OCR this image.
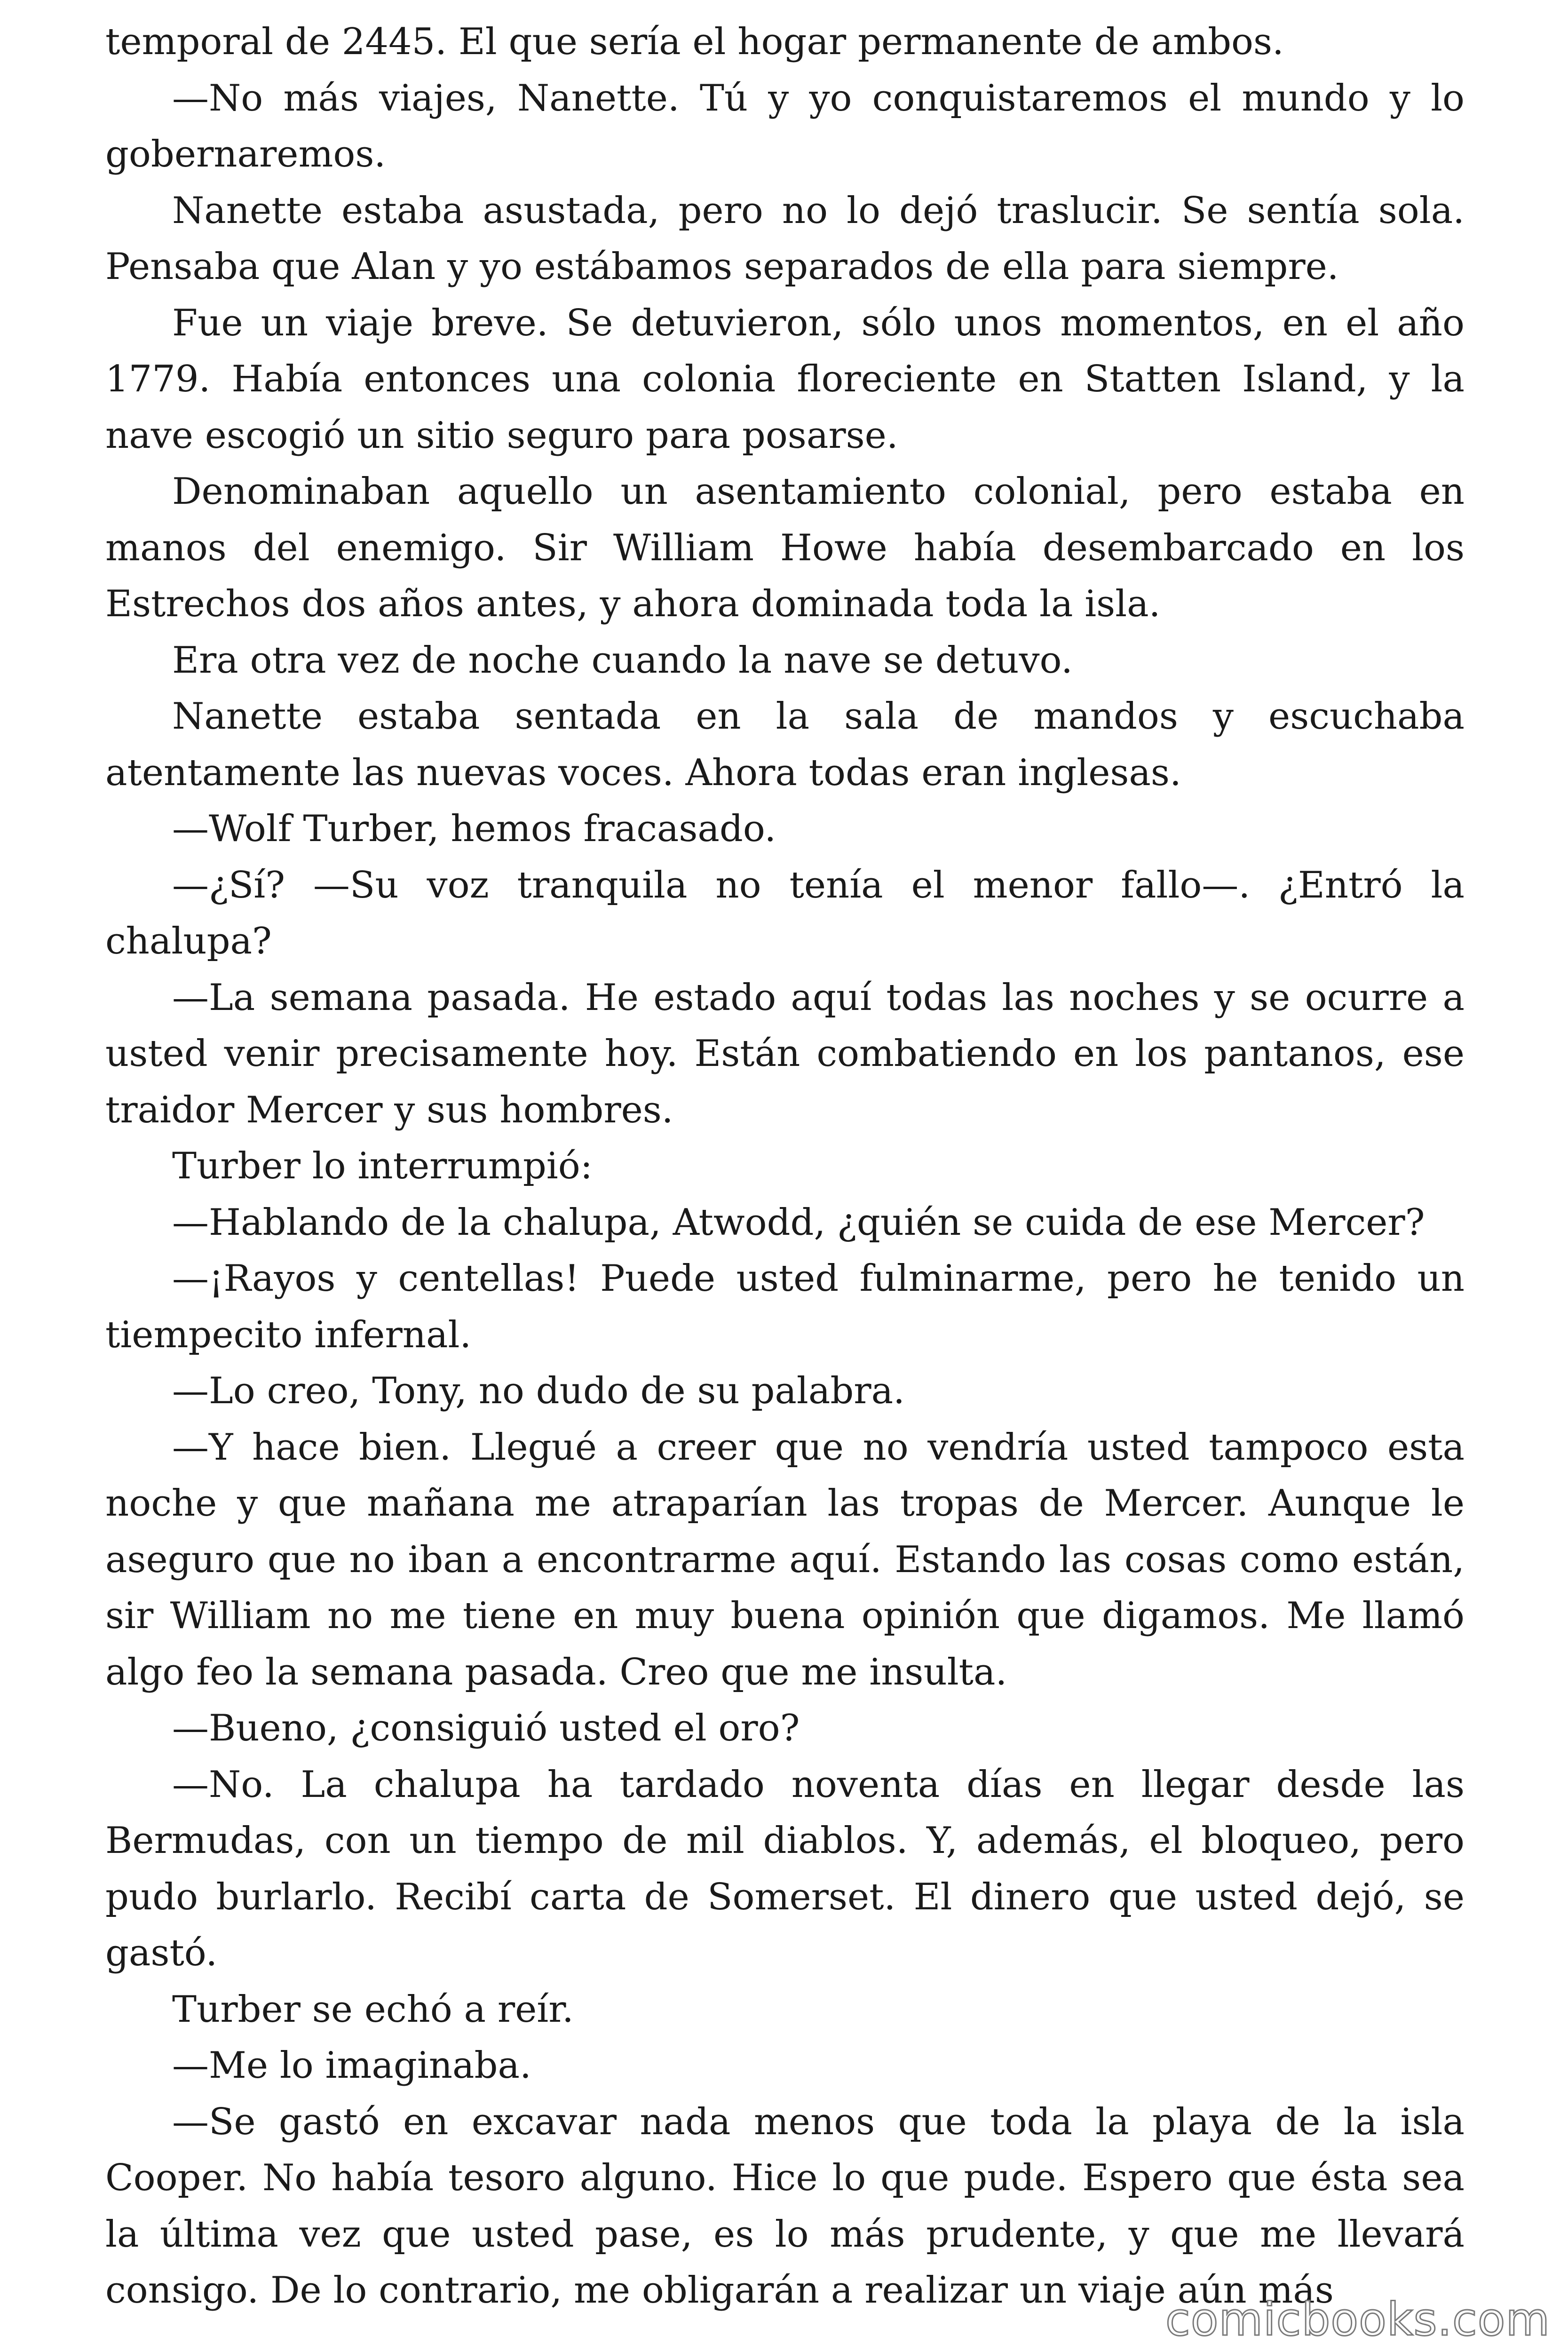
temporal de 2445. El que sería el hogar permanente de ambos.

—No más viajes, Nanette. Tú y yo conquistaremos el mundo y lo gobernaremos.

Nanette estaba asustada, pero no lo dejó traslucir. Se sentía sola. Pensaba que Alan y yo estábamos separados de ella para siempre.

Fue un viaje breve. Se detuvieron, sólo unos momentos, en el año 1779. Había entonces una colonia floreciente en Statten Island, y la nave escogió un sitio seguro para posarse.

Denominaban aquello un asentamiento colonial, pero estaba en manos del enemigo. Sir William Howe había desembarcado en los Estrechos dos años antes, y ahora dominada toda la isla.

Era otra vez de noche cuando la nave se detuvo.

Nanette estaba sentada en la sala de mandos y escuchaba atentamente las nuevas voces. Ahora todas eran inglesas.

—Wolf Turber, hemos fracasado.

—¿Sí? —Su voz tranquila no tenía el menor fallo—. ¿Entró la chalupa?

—La semana pasada. He estado aquí todas las noches y se ocurre a usted venir precisamente hoy. Están combatiendo en los pantanos, ese traidor Mercer y sus hombres.

Turber lo interrumpió:

—Hablando de la chalupa, Atwodd, ¿quién se cuida de ese Mercer?

—¡Rayos y centellas! Puede usted fulminarme, pero he tenido un tiempecito infernal.

—Lo creo, Tony, no dudo de su palabra.

—Y hace bien. Llegué a creer que no vendría usted tampoco esta noche y que mañana me atraparían las tropas de Mercer. Aunque le aseguro que no iban a encontrarme aquí. Estando las cosas como están, sir William no me tiene en muy buena opinión que digamos. Me llamó algo feo la semana pasada. Creo que me insulta.

—Bueno, ¿consiguió usted el oro?

—No. La chalupa ha tardado noventa días en llegar desde las Bermudas, con un tiempo de mil diablos. Y, además, el bloqueo, pero pudo burlarlo. Recibí carta de Somerset. El dinero que usted dejó, se gastó.

Turber se echó a reír.

—Me lo imaginaba.

—Se gastó en excavar nada menos que toda la playa de la isla Cooper. No había tesoro alguno. Hice lo que pude. Espero que ésta sea la última vez que usted pase, es lo más prudente, y que me llevará consigo. De lo contrario, me obligarán a realizar un viaje aún más

comicbooks.com
